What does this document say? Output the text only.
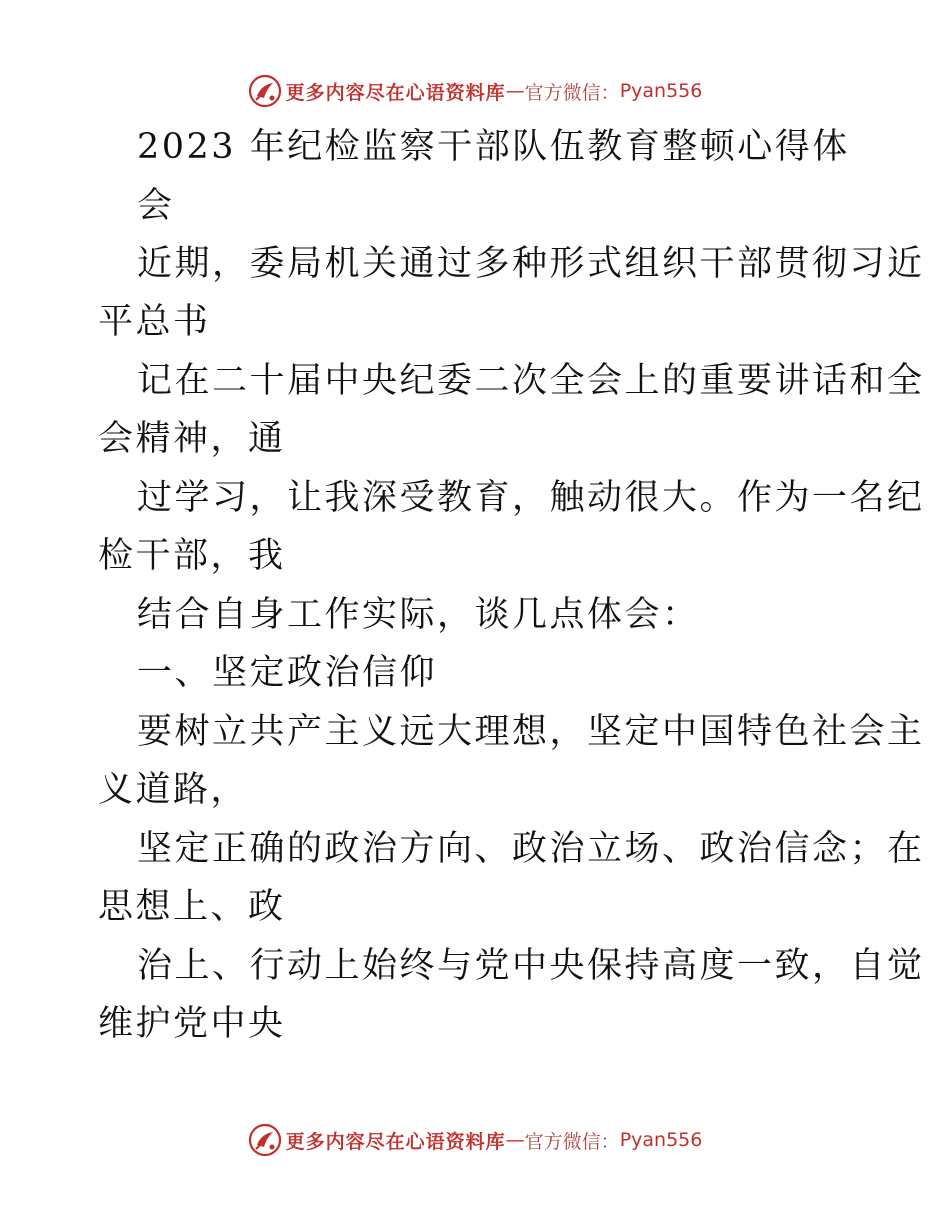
更多内容尽在心语资料库 — 官方微信： Pyan556
2023 年纪检监察干部队伍教育整顿心得体
会
近期，委局机关通过多种形式组织干部贯彻习近
平总书
记在二十届中央纪委二次全会上的重要讲话和全
会精神，通
过学习，让我深受教育，触动很大。作为一名纪
检干部，我
结合自身工作实际，谈几点体会：
一、坚定政治信仰
要树立共产主义远大理想，坚定中国特色社会主
义道路，
坚定正确的政治方向、政治立场、政治信念；在
思想上、政
治上、行动上始终与党中央保持高度一致，自觉
维护党中央
更多内容尽在心语资料库 — 官方微信： Pyan556
